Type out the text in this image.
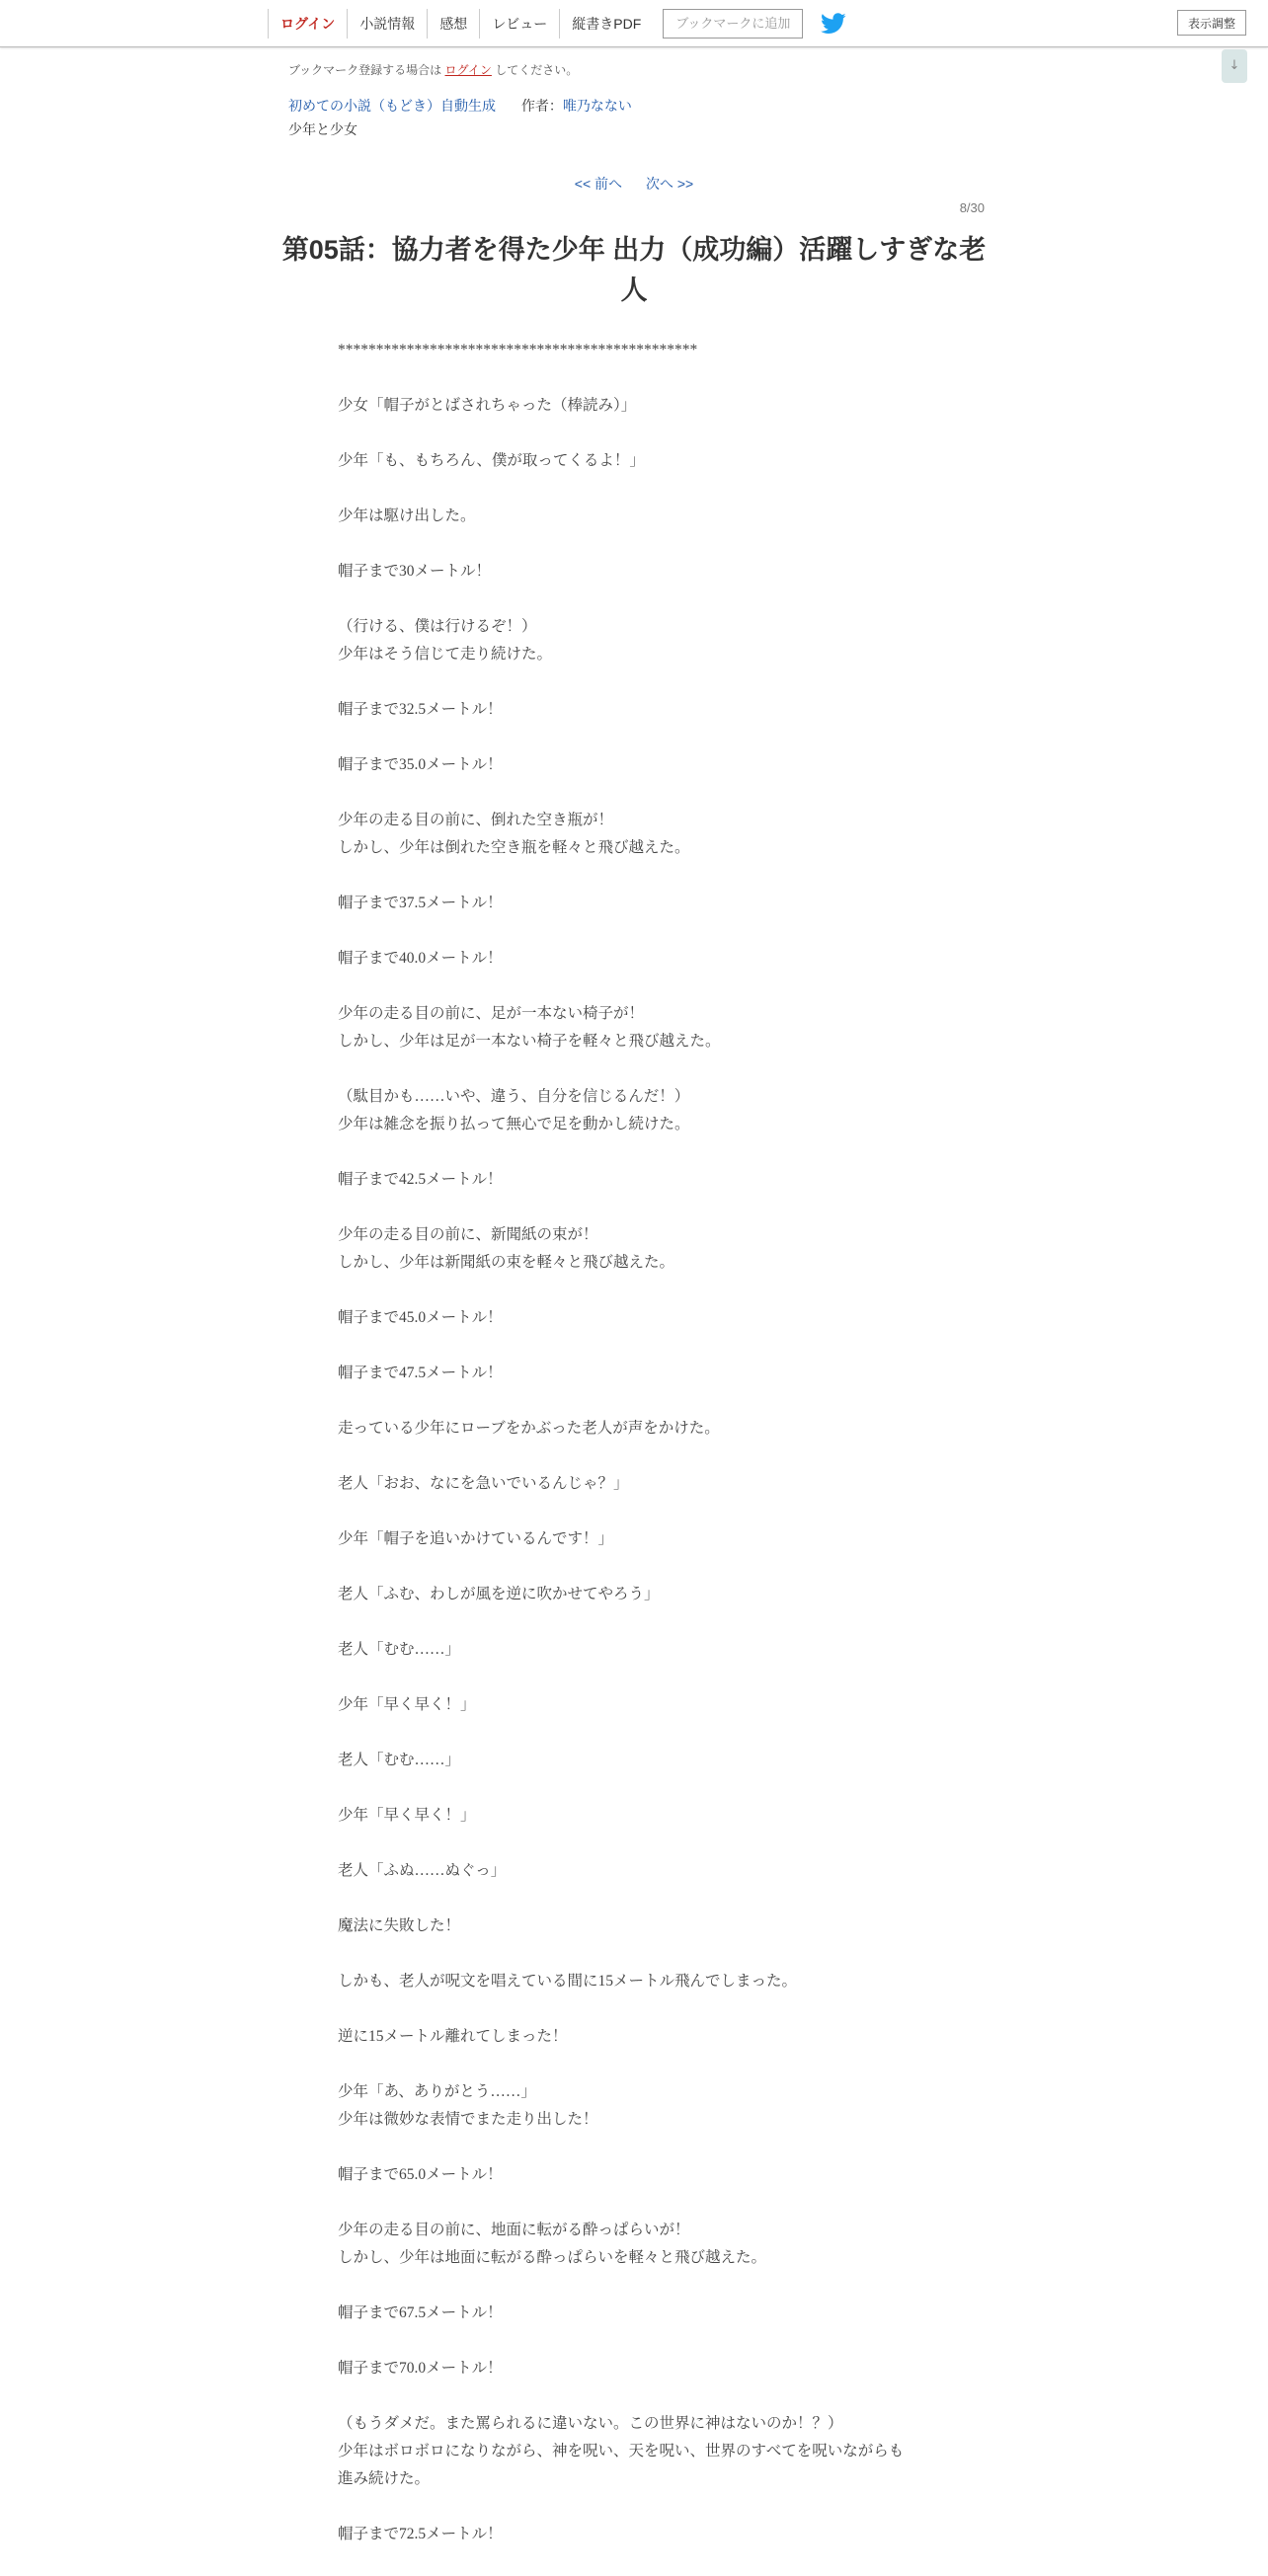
ログイン	小説情報	感想	レビュー	縦書きPDF	ブックマークに追加	表示調整
↓
ブックマーク登録する場合は ログイン してください。
初めての小説（もどき）自動生成 作者：唯乃なない
少年と少女
<< 前へ 次へ >>
8/30
第05話：協力者を得た少年 出力（成功編）活躍しすぎな老人
***********************************************
少女「帽子がとばされちゃった（棒読み）」
少年「も、もちろん、僕が取ってくるよ！」
少年は駆け出した。
帽子まで30メートル！
（行ける、僕は行けるぞ！）
少年はそう信じて走り続けた。
帽子まで32.5メートル！
帽子まで35.0メートル！
少年の走る目の前に、倒れた空き瓶が！
しかし、少年は倒れた空き瓶を軽々と飛び越えた。
帽子まで37.5メートル！
帽子まで40.0メートル！
少年の走る目の前に、足が一本ない椅子が！
しかし、少年は足が一本ない椅子を軽々と飛び越えた。
（駄目かも……いや、違う、自分を信じるんだ！）
少年は雑念を振り払って無心で足を動かし続けた。
帽子まで42.5メートル！
少年の走る目の前に、新聞紙の束が！
しかし、少年は新聞紙の束を軽々と飛び越えた。
帽子まで45.0メートル！
帽子まで47.5メートル！
走っている少年にローブをかぶった老人が声をかけた。
老人「おお、なにを急いでいるんじゃ？」
少年「帽子を追いかけているんです！」
老人「ふむ、わしが風を逆に吹かせてやろう」
老人「むむ……」
少年「早く早く！」
老人「むむ……」
少年「早く早く！」
老人「ふぬ……ぬぐっ」
魔法に失敗した！
しかも、老人が呪文を唱えている間に15メートル飛んでしまった。
逆に15メートル離れてしまった！
少年「あ、ありがとう……」
少年は微妙な表情でまた走り出した！
帽子まで65.0メートル！
少年の走る目の前に、地面に転がる酔っぱらいが！
しかし、少年は地面に転がる酔っぱらいを軽々と飛び越えた。
帽子まで67.5メートル！
帽子まで70.0メートル！
（もうダメだ。また罵られるに違いない。この世界に神はないのか！？）
少年はボロボロになりながら、神を呪い、天を呪い、世界のすべてを呪いながらも
進み続けた。
帽子まで72.5メートル！
